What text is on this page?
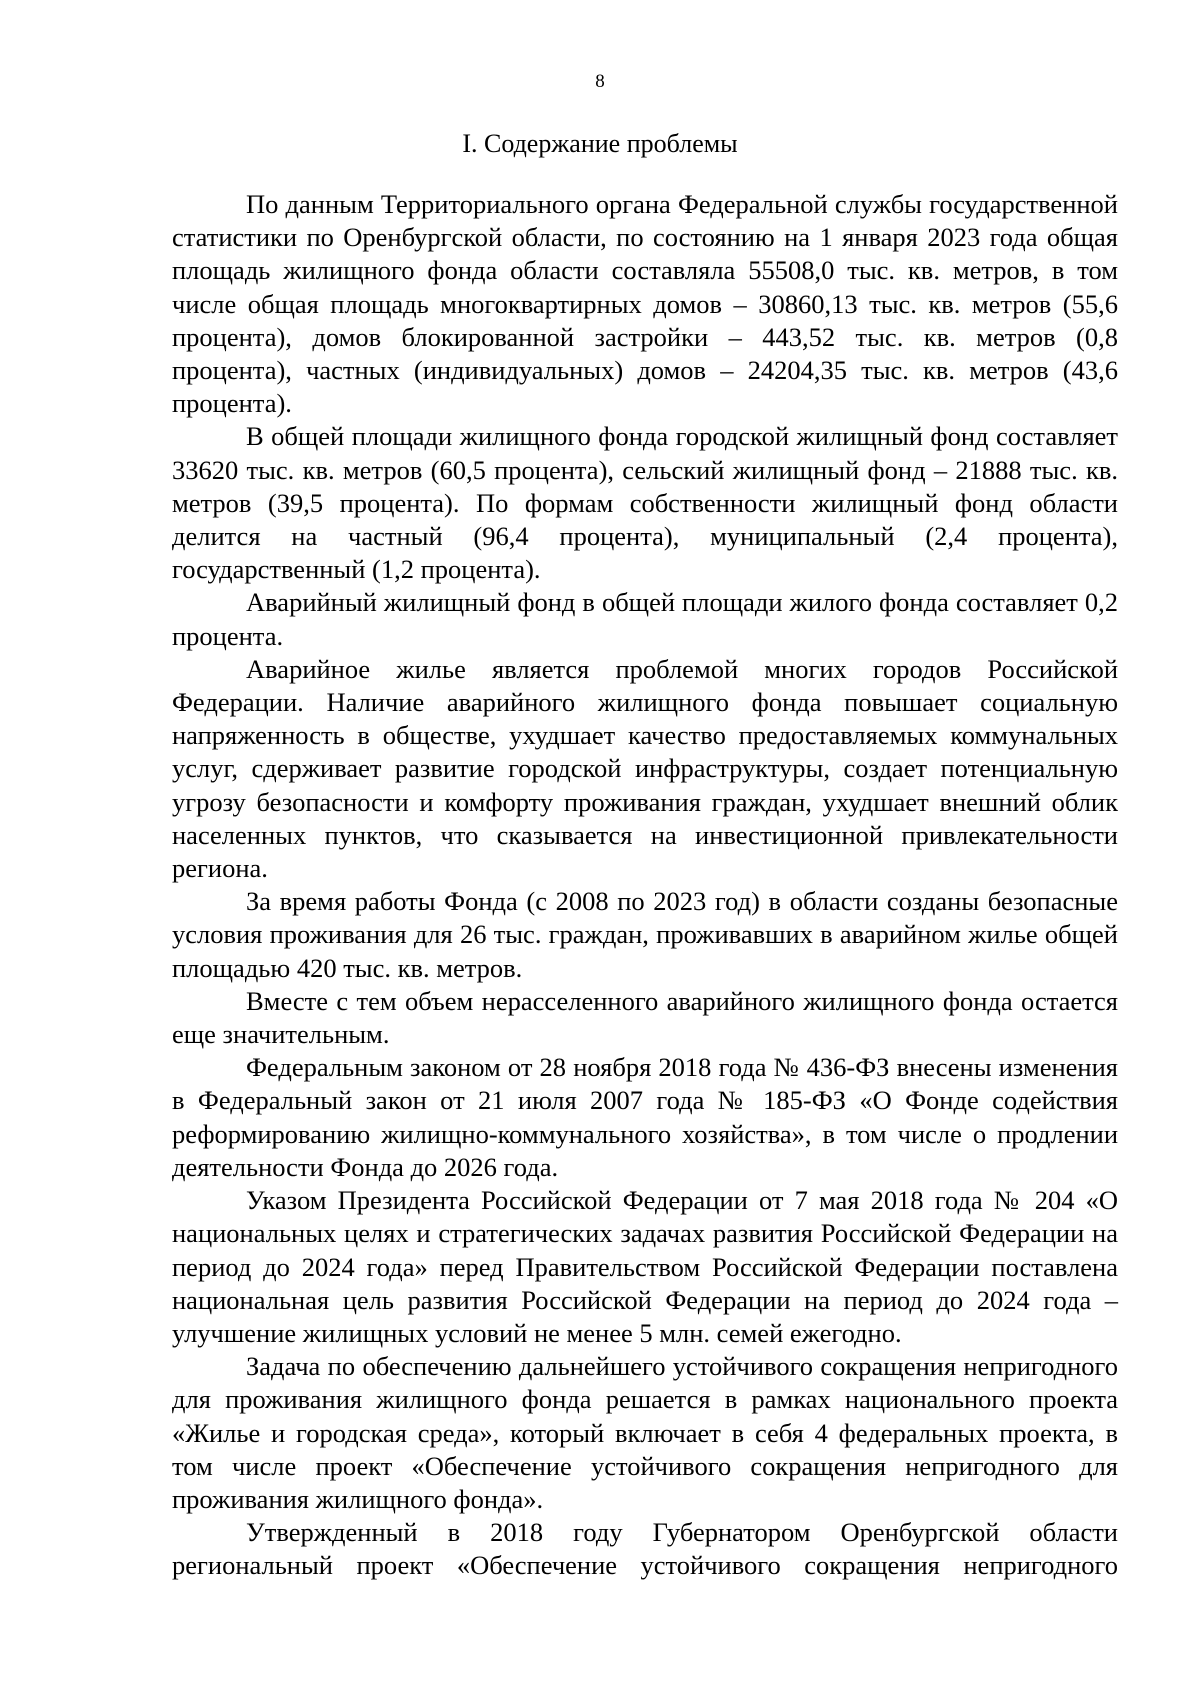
8
I. Содержание проблемы

По данным Территориального органа Федеральной службы государственной статистики по Оренбургской области, по состоянию на 1 января 2023 года общая площадь жилищного фонда области составляла 55508,0 тыс. кв. метров, в том числе общая площадь многоквартирных домов – 30860,13 тыс. кв. метров (55,6 процента), домов блокированной застройки – 443,52 тыс. кв. метров (0,8 процента), частных (индивидуальных) домов – 24204,35 тыс. кв. метров (43,6 процента).

В общей площади жилищного фонда городской жилищный фонд составляет 33620 тыс. кв. метров (60,5 процента), сельский жилищный фонд – 21888 тыс. кв. метров (39,5 процента). По формам собственности жилищный фонд области делится на частный (96,4 процента), муниципальный (2,4 процента), государственный (1,2 процента).

Аварийный жилищный фонд в общей площади жилого фонда составляет 0,2 процента.

Аварийное жилье является проблемой многих городов Российской Федерации. Наличие аварийного жилищного фонда повышает социальную напряженность в обществе, ухудшает качество предоставляемых коммунальных услуг, сдерживает развитие городской инфраструктуры, создает потенциальную угрозу безопасности и комфорту проживания граждан, ухудшает внешний облик населенных пунктов, что сказывается на инвестиционной привлекательности региона.

За время работы Фонда (с 2008 по 2023 год) в области созданы безопасные условия проживания для 26 тыс. граждан, проживавших в аварийном жилье общей площадью 420 тыс. кв. метров.

Вместе с тем объем нерасселенного аварийного жилищного фонда остается еще значительным.

Федеральным законом от 28 ноября 2018 года № 436-ФЗ внесены изменения в Федеральный закон от 21 июля 2007 года № 185-ФЗ «О Фонде содействия реформированию жилищно-коммунального хозяйства», в том числе о продлении деятельности Фонда до 2026 года.

Указом Президента Российской Федерации от 7 мая 2018 года № 204 «О национальных целях и стратегических задачах развития Российской Федерации на период до 2024 года» перед Правительством Российской Федерации поставлена национальная цель развития Российской Федерации на период до 2024 года – улучшение жилищных условий не менее 5 млн. семей ежегодно.

Задача по обеспечению дальнейшего устойчивого сокращения непригодного для проживания жилищного фонда решается в рамках национального проекта «Жилье и городская среда», который включает в себя 4 федеральных проекта, в том числе проект «Обеспечение устойчивого сокращения непригодного для проживания жилищного фонда».

Утвержденный в 2018 году Губернатором Оренбургской области региональный проект «Обеспечение устойчивого сокращения непригодного
